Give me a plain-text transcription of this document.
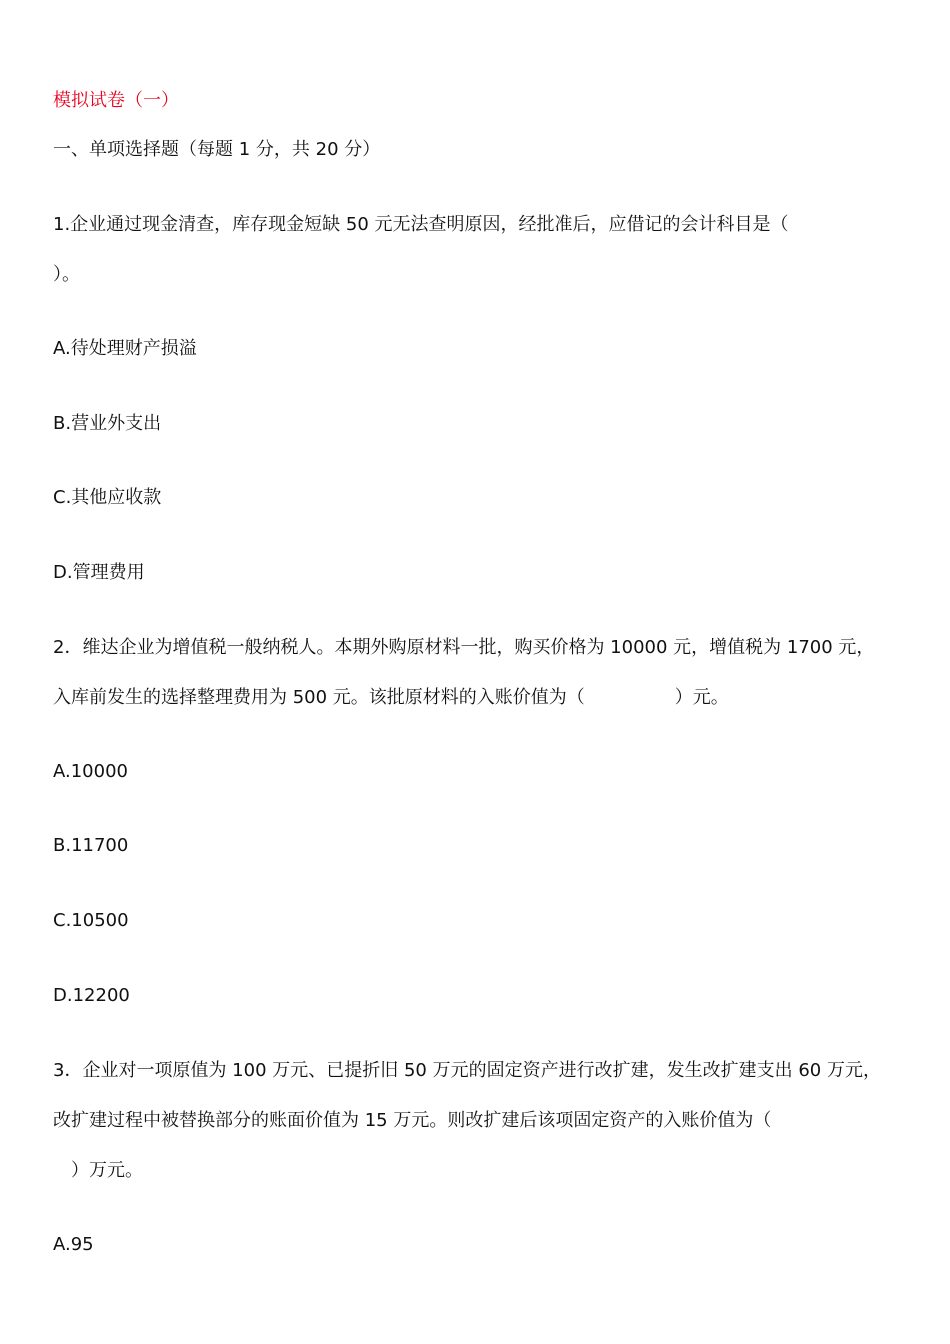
模拟试卷（一）
一、单项选择题（每题 1 分，共 20 分）
1.企业通过现金清查，库存现金短缺 50 元无法查明原因，经批准后，应借记的会计科目是（
）。
A.待处理财产损溢
B.营业外支出
C.其他应收款
D.管理费用
2．维达企业为增值税一般纳税人。本期外购原材料一批，购买价格为 10000 元，增值税为 1700 元，
入库前发生的选择整理费用为 500 元。该批原材料的入账价值为（　　　　　）元。
A.10000
B.11700
C.10500
D.12200
3．企业对一项原值为 100 万元、已提折旧 50 万元的固定资产进行改扩建，发生改扩建支出 60 万元，
改扩建过程中被替换部分的账面价值为 15 万元。则改扩建后该项固定资产的入账价值为（
　）万元。
A.95
